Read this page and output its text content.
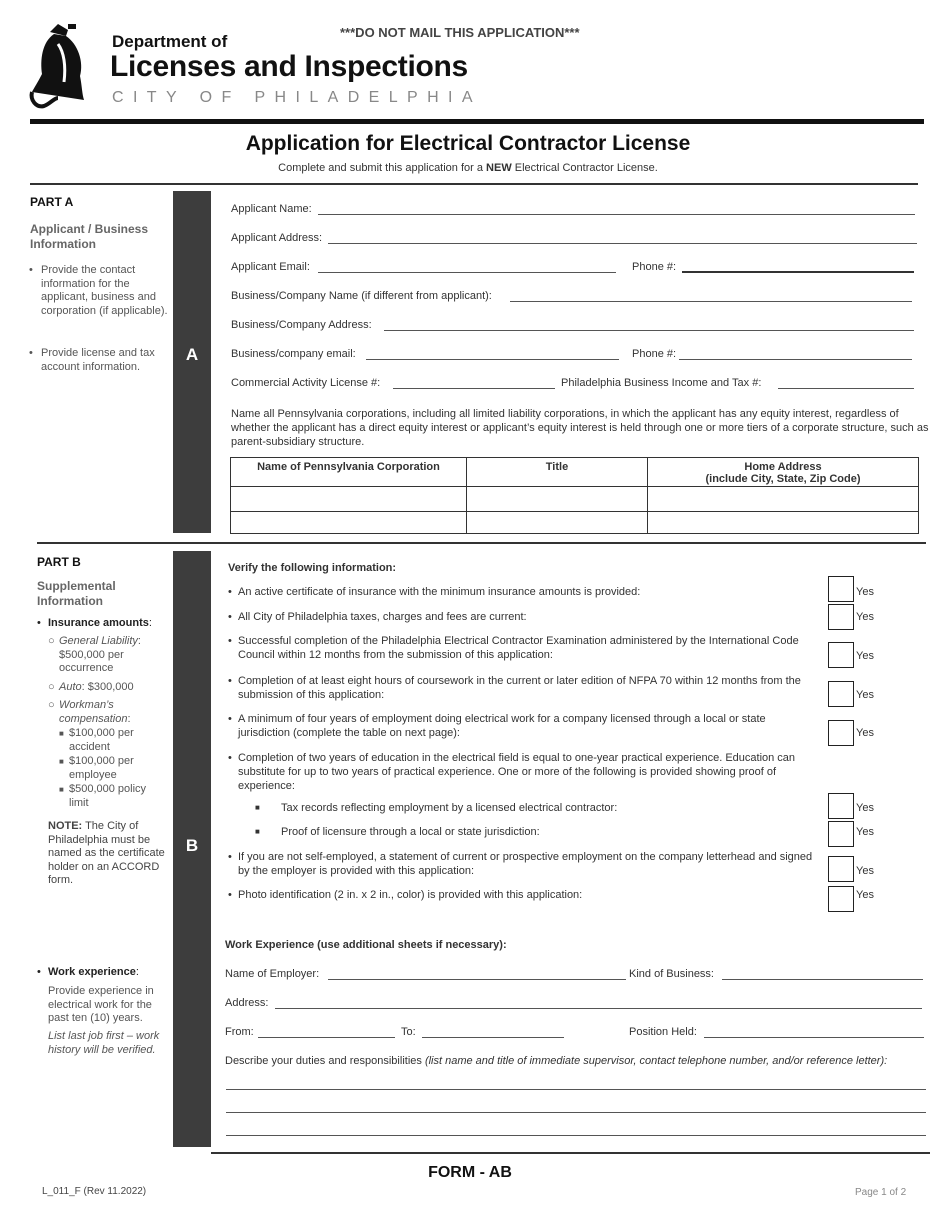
***DO NOT MAIL THIS APPLICATION***
Department of
Licenses and Inspections
CITY OF PHILADELPHIA
Application for Electrical Contractor License
Complete and submit this application for a NEW Electrical Contractor License.
PART A
Applicant / Business Information
• Provide the contact information for the applicant, business and corporation (if applicable).
• Provide license and tax account information.
A
Applicant Name:
Applicant Address:
Applicant Email:	Phone #:
Business/Company Name (if different from applicant):
Business/Company Address:
Business/company email:	Phone #:
Commercial Activity License #:	Philadelphia Business Income and Tax #:
Name all Pennsylvania corporations, including all limited liability corporations, in which the applicant has any equity interest, regardless of whether the applicant has a direct equity interest or applicant’s equity interest is held through one or more tiers of a corporate structure, such as parent-subsidiary structure.
Name of Pennsylvania Corporation	Title	Home Address
(include City, State, Zip Code)

PART B
Supplemental Information
• Insurance amounts:
○ General Liability: $500,000 per occurrence
○ Auto: $300,000
○ Workman’s compensation:
■ $100,000 per accident
■ $100,000 per employee
■ $500,000 policy limit
NOTE: The City of Philadelphia must be named as the certificate holder on an ACCORD form.
• Work experience:
Provide experience in electrical work for the past ten (10) years.
List last job first – work history will be verified.
B
Verify the following information:
• An active certificate of insurance with the minimum insurance amounts is provided:	Yes
• All City of Philadelphia taxes, charges and fees are current:	Yes
• Successful completion of the Philadelphia Electrical Contractor Examination administered by the International Code Council within 12 months from the submission of this application:	Yes
• Completion of at least eight hours of coursework in the current or later edition of NFPA 70 within 12 months from the submission of this application:	Yes
• A minimum of four years of employment doing electrical work for a company licensed through a local or state jurisdiction (complete the table on next page):	Yes
• Completion of two years of education in the electrical field is equal to one-year practical experience. Education can substitute for up to two years of practical experience. One or more of the following is provided showing proof of experience:
■ Tax records reflecting employment by a licensed electrical contractor:	Yes
■ Proof of licensure through a local or state jurisdiction:	Yes
• If you are not self-employed, a statement of current or prospective employment on the company letterhead and signed by the employer is provided with this application:	Yes
• Photo identification (2 in. x 2 in., color) is provided with this application:	Yes
Work Experience (use additional sheets if necessary):
Name of Employer:	Kind of Business:
Address:
From:	To:	Position Held:
Describe your duties and responsibilities (list name and title of immediate supervisor, contact telephone number, and/or reference letter):
FORM - AB
L_011_F (Rev 11.2022)	Page 1 of 2
